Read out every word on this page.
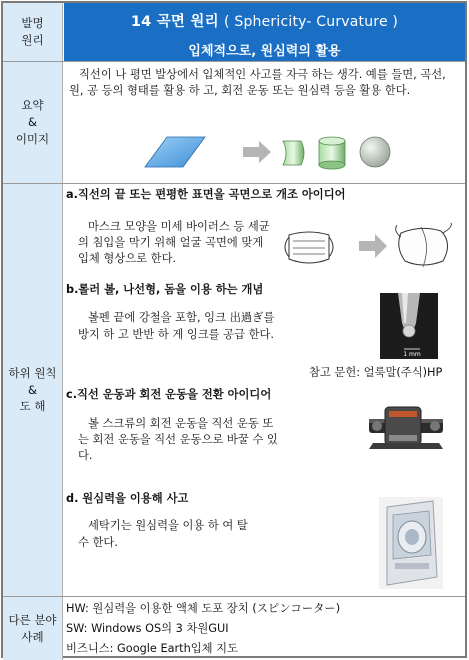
발명
원리
14 곡면 원리 ( Sphericity- Curvature )
입체적으로, 원심력의 활용
요약
&
이미지
직선이 나 평면 발상에서 입체적인 사고를 자극 하는 생각. 예를 들면, 곡선, 원, 공 등의 형태를 활용 하 고, 회전 운동 또는 원심력 등을 활용 한다.
하위 원칙
&
도 해
a.직선의 끝 또는 편평한 표면을 곡면으로 개조 아이디어
마스크 모양을 미세 바이러스 등 세균의 침입을 막기 위해 얼굴 곡면에 맞게 입체 형상으로 한다.
b.롤러 볼, 나선형, 돔을 이용 하는 개념
볼펜 끝에 강철을 포함, 잉크 出過ぎ를 방지 하 고 반반 하 게 잉크를 공급 한다.
1 mm
참고 문헌: 얼룩말(주식)HP
c.직선 운동과 회전 운동을 전환 아이디어
볼 스크류의 회전 운동을 직선 운동 또는 회전 운동을 직선 운동으로 바꿀 수 있다.
d. 원심력을 이용해 사고
세탁기는 원심력을 이용 하 여 탈수 한다.
다른 분야
사례
HW: 원심력을 이용한 액체 도포 장치 (スピンコーター)
SW: Windows OS의 3 차원GUI
비즈니스: Google Earth입체 지도
